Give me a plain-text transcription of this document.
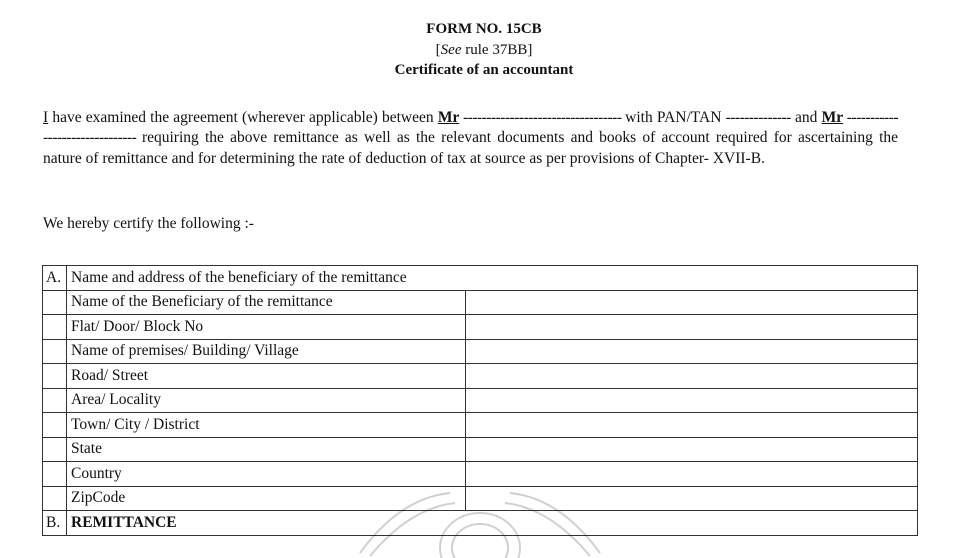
FORM NO. 15CB
[See rule 37BB]
Certificate of an accountant
I have examined the agreement (wherever applicable) between Mr ---------------------------------- with PAN/TAN -------------- and Mr ------------------------------- requiring the above remittance as well as the relevant documents and books of account required for ascertaining the nature of remittance and for determining the rate of deduction of tax at source as per provisions of Chapter- XVII-B.
We hereby certify the following :-
A.	Name and address of the beneficiary of the remittance	
	Name of the Beneficiary of the remittance	
	Flat/ Door/ Block No	
	Name of premises/ Building/ Village	
	Road/ Street	
	Area/ Locality	
	Town/ City / District	
	State	
	Country	
	ZipCode	
B.	REMITTANCE	
